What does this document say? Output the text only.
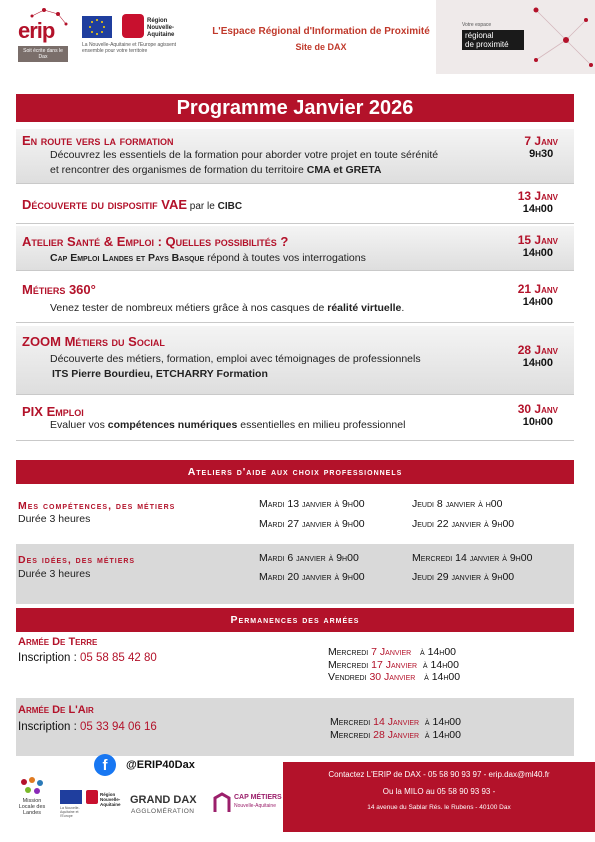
erip
Soit écrite dans le Dax
Région Nouvelle-Aquitaine
La Nouvelle-Aquitaine et l'Europe agissent ensemble pour votre territoire
L'Espace Régional d'Information de Proximité
Site de DAX
Votre espace
régional
de proximité
Programme Janvier 2026
En route vers la formation
Découvrez les essentiels de la formation pour aborder votre projet en toute sérénité
et rencontrer des organismes de formation du territoire CMA et GRETA
7 Janv
9h30
Découverte du dispositif VAE par le CIBC
13 Janv
14h00
Atelier Santé & Emploi : Quelles possibilités ?
Cap Emploi Landes et Pays Basque répond à toutes vos interrogations
15 Janv
14h00
Métiers 360°
Venez tester de nombreux métiers grâce à nos casques de réalité virtuelle.
21 Janv
14h00
ZOOM Métiers du Social
Découverte des métiers, formation, emploi avec témoignages de professionnels
ITS Pierre Bourdieu, ETCHARRY Formation
28 Janv
14h00
PIX Emploi
Evaluer vos compétences numériques essentielles en milieu professionnel
30 Janv
10h00
Ateliers d'aide aux choix professionnels
Mes compétences, des métiers
Durée 3 heures
Mardi 13 janvier à 9h00	Jeudi 8 janvier à h00
Mardi 27 janvier à 9h00	Jeudi 22 janvier à 9h00
Des idées, des métiers
Durée 3 heures
Mardi 6 janvier à 9h00	Mercredi 14 janvier à 9h00
Mardi 20 janvier à 9h00	Jeudi 29 janvier à 9h00
Permanences des armées
Armée De Terre
Inscription : 05 58 85 42 80	Mercredi 7 Janvier   à 14h00
Mercredi 17 Janvier  à 14h00
Vendredi 30 Janvier   à 14h00
Armée De L'Air
Inscription : 05 33 94 06 16	Mercredi 14 Janvier  à 14h00
Mercredi 28 Janvier  à 14h00
f	@ERIP40Dax
Contactez L'ERIP de DAX - 05 58 90 93 97 - erip.dax@ml40.fr
Ou la MILO au 05 58 90 93 93 -
14 avenue du Sablar Rés. le Rubens - 40100 Dax
Mission Locale des Landes
La Nouvelle-Aquitaine et l'Europe
Région Nouvelle-Aquitaine GRAND DAX
AGGLOMÉRATION
CAP MÉTIERS
Nouvelle-Aquitaine
